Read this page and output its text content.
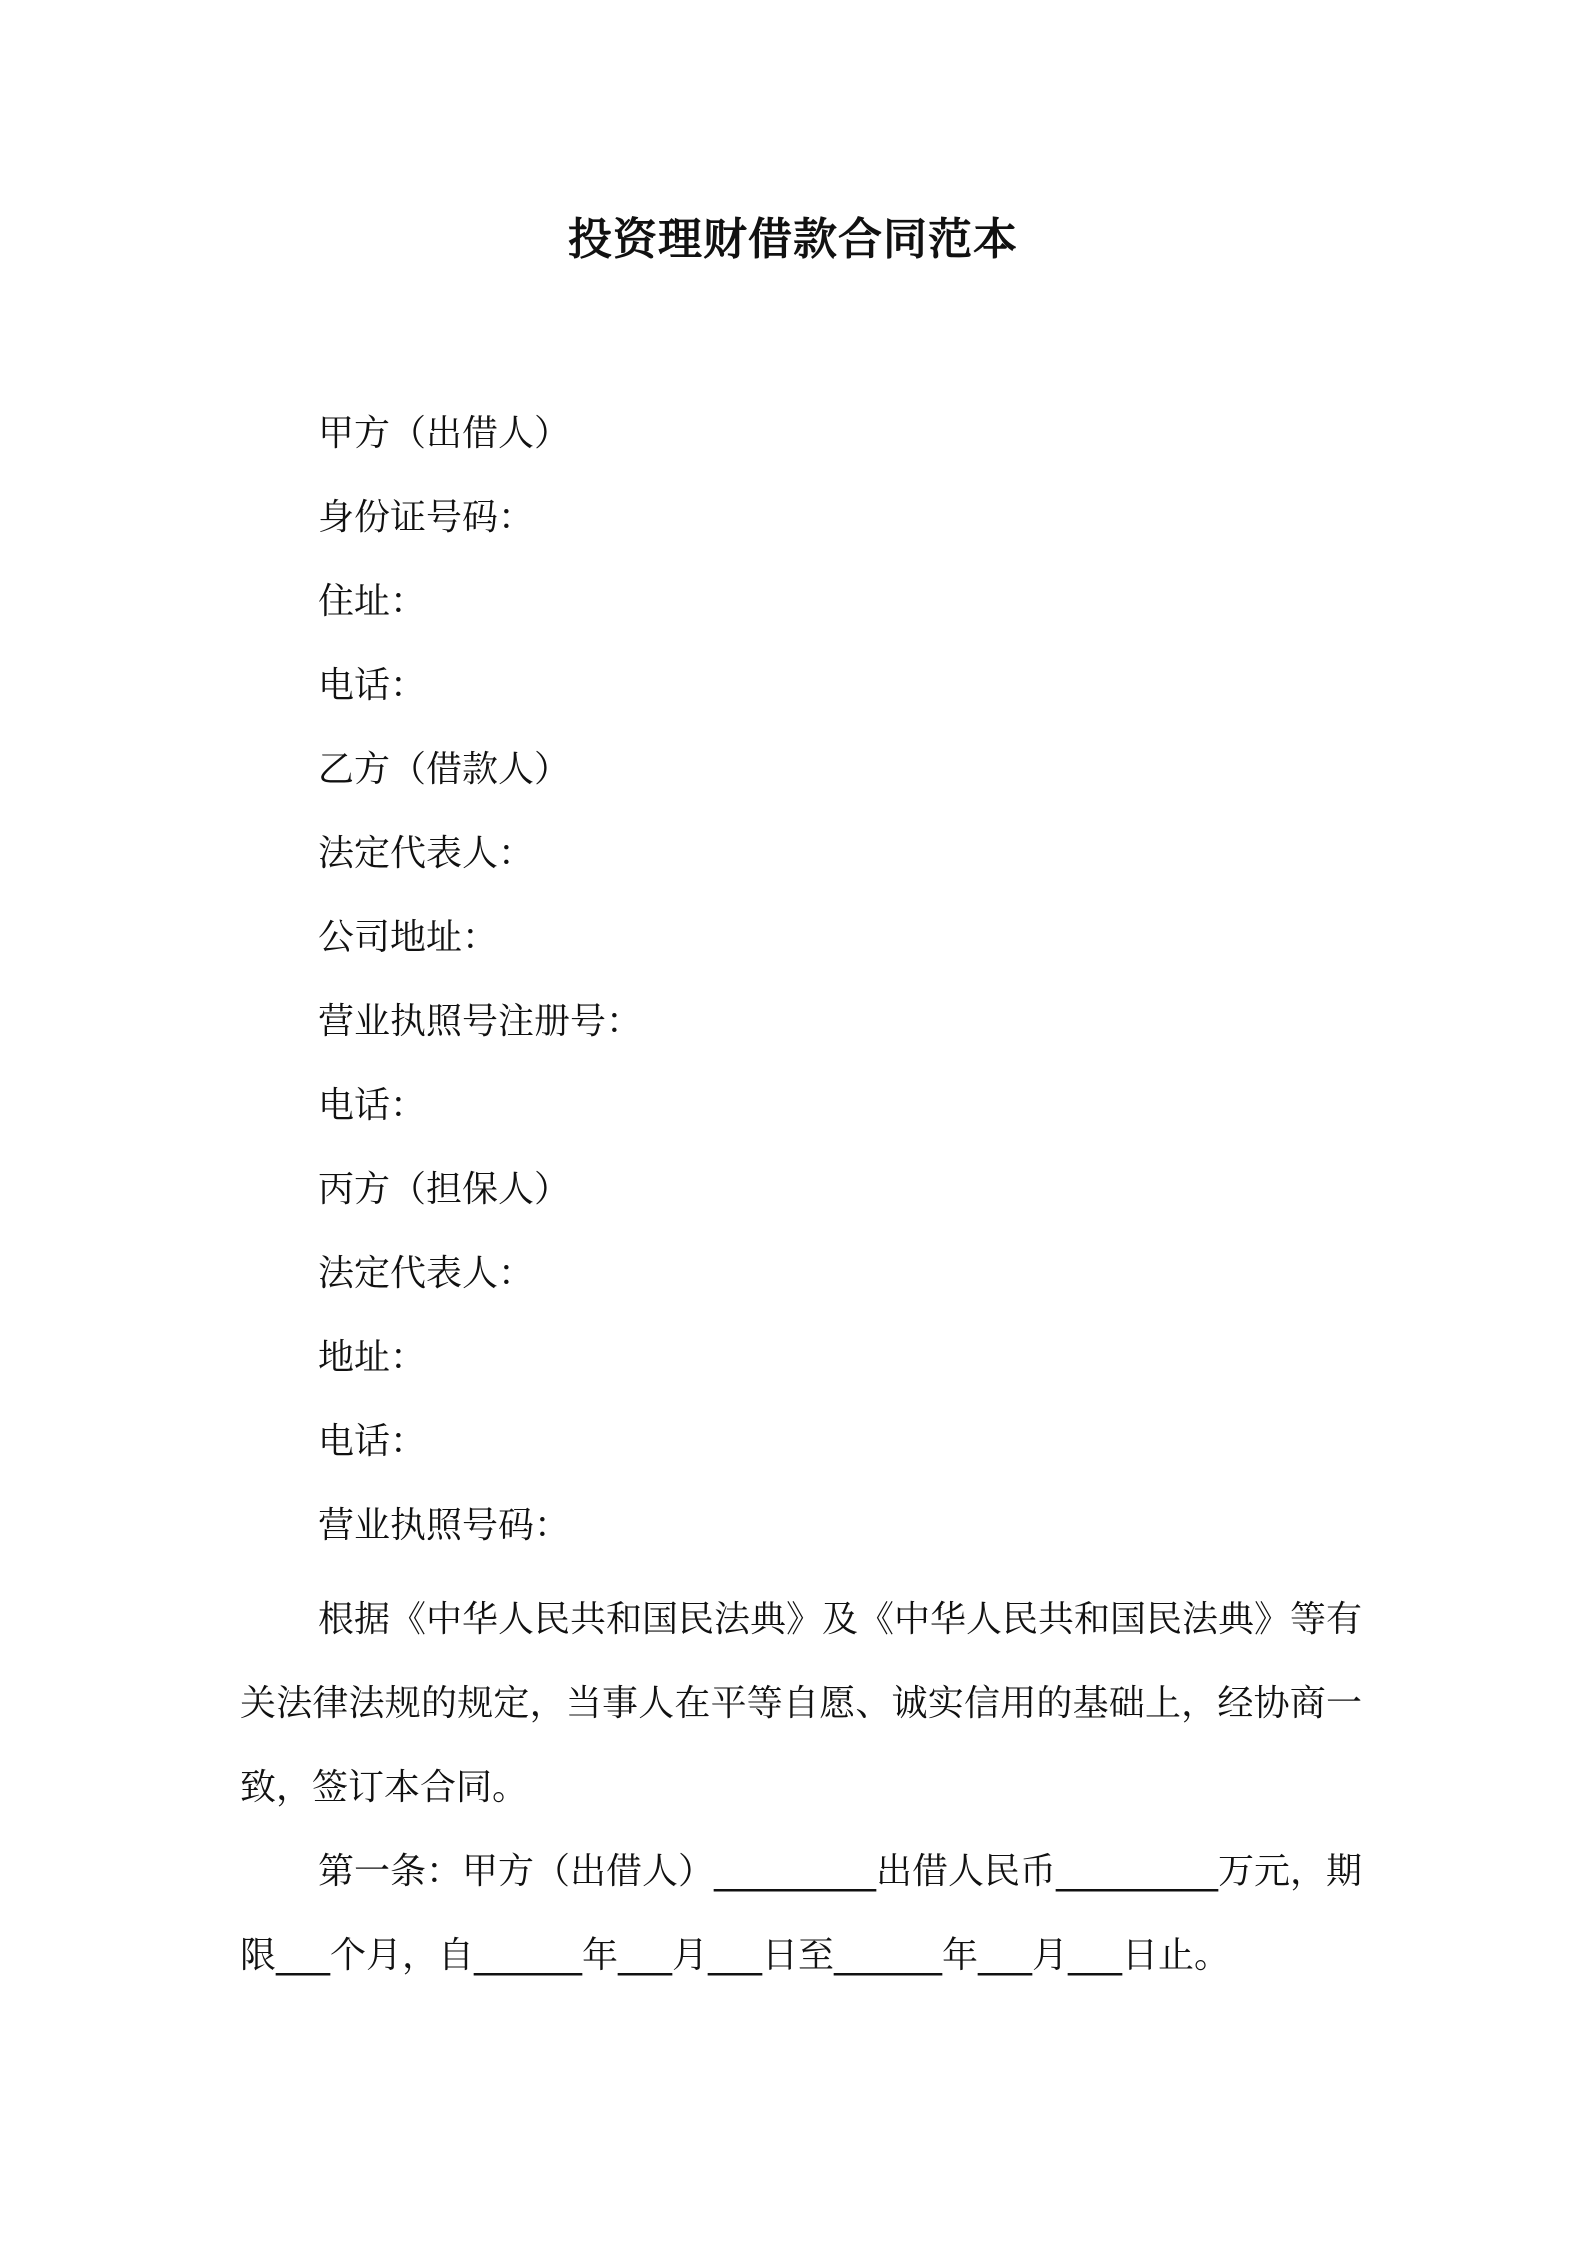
投资理财借款合同范本
甲方（出借人）
身份证号码：
住址：
电话：
乙方（借款人）
法定代表人：
公司地址：
营业执照号注册号：
电话：
丙方（担保人）
法定代表人：
地址：
电话：
营业执照号码：

根据《中华人民共和国民法典》及《中华人民共和国民法典》等有关法律法规的规定，当事人在平等自愿、诚实信用的基础上，经协商一致，签订本合同。

第一条：甲方（出借人）_________出借人民币_________万元，期限___个月，自______年___月___日至______年___月___日止。
